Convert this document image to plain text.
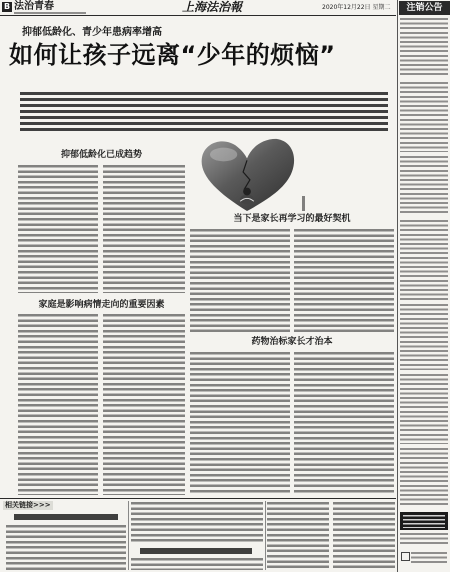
B 法治青春	上海法治報	2020年12月22日 星期二	注销公告
抑郁低龄化、青少年患病率增高
如何让孩子远离“少年的烦恼”
抑郁低龄化已成趋势
家庭是影响病情走向的重要因素
当下是家长再学习的最好契机
药物治标家长才治本
相关链接>>>
